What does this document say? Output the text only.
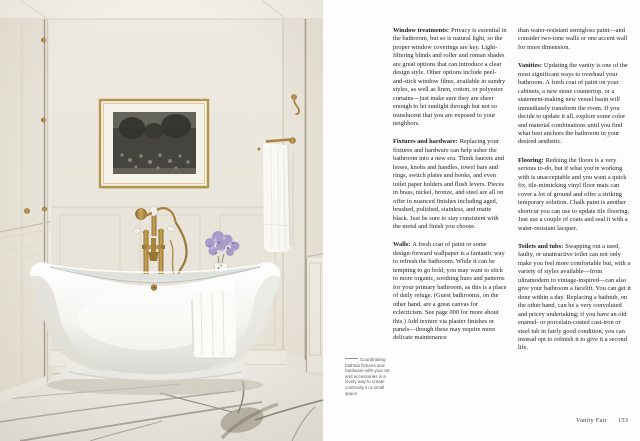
Coordinating bathtub fixtures and hardware with your art and accessories is a lovely way to create continuity in a small space.

Window treatments: Privacy is essential in the bathroom, but so is natural light, so the proper window coverings are key. Light-filtering blinds and roller and roman shades are great options that can introduce a clear design style. Other options include peel-and-stick window films, available in sundry styles, as well as linen, cotton, or polyester curtains—just make sure they are sheer enough to let sunlight through but not so translucent that you are exposed to your neighbors.

Fixtures and hardware: Replacing your fixtures and hardware can help usher the bathroom into a new era. Think faucets and hoses, knobs and handles, towel bars and rings, switch plates and hooks, and even toilet paper holders and flush levers. Pieces in brass, nickel, bronze, and steel are all on offer in nuanced finishes including aged, brushed, polished, stainless, and matte black. Just be sure to stay consistent with the metal and finish you choose.

Walls: A fresh coat of paint or some design-forward wallpaper is a fantastic way to refresh the bathroom. While it can be tempting to go bold, you may want to stick to more organic, soothing hues and patterns for your primary bathroom, as this is a place of daily refuge. (Guest bathrooms, on the other hand, are a great canvas for eclecticism. See page 000 for more about this.) Add texture via plaster finishes or panels—though these may require more delicate maintenance

than water-resistant semigloss paint—and consider two-tone walls or one accent wall for more dimension.

Vanities: Updating the vanity is one of the most significant ways to overhaul your bathroom. A fresh coat of paint on your cabinets, a new stone countertop, or a statement-making new vessel basin will immediately transform the room. If you decide to update it all, explore some color and material combinations until you find what best anchors the bathroom in your desired aesthetic.

Flooring: Redoing the floors is a very serious to-do, but if what you're working with is unacceptable and you want a quick fix, tile-mimicking vinyl floor mats can cover a lot of ground and offer a striking temporary solution. Chalk paint is another shortcut you can use to update tile flooring. Just use a couple of coats and seal it with a water-resistant lacquer.

Toilets and tubs: Swapping out a used, faulty, or unattractive toilet can not only make you feel more comfortable but, with a variety of styles available—from ultramodern to vintage-inspired—can also give your bathroom a facelift. You can get it done within a day. Replacing a bathtub, on the other hand, can be a very convoluted and pricey undertaking; if you have an old enamel- or porcelain-coated cast-iron or steel tub in fairly good condition, you can instead opt to refinish it to give it a second life.

Vanity Fair 153
